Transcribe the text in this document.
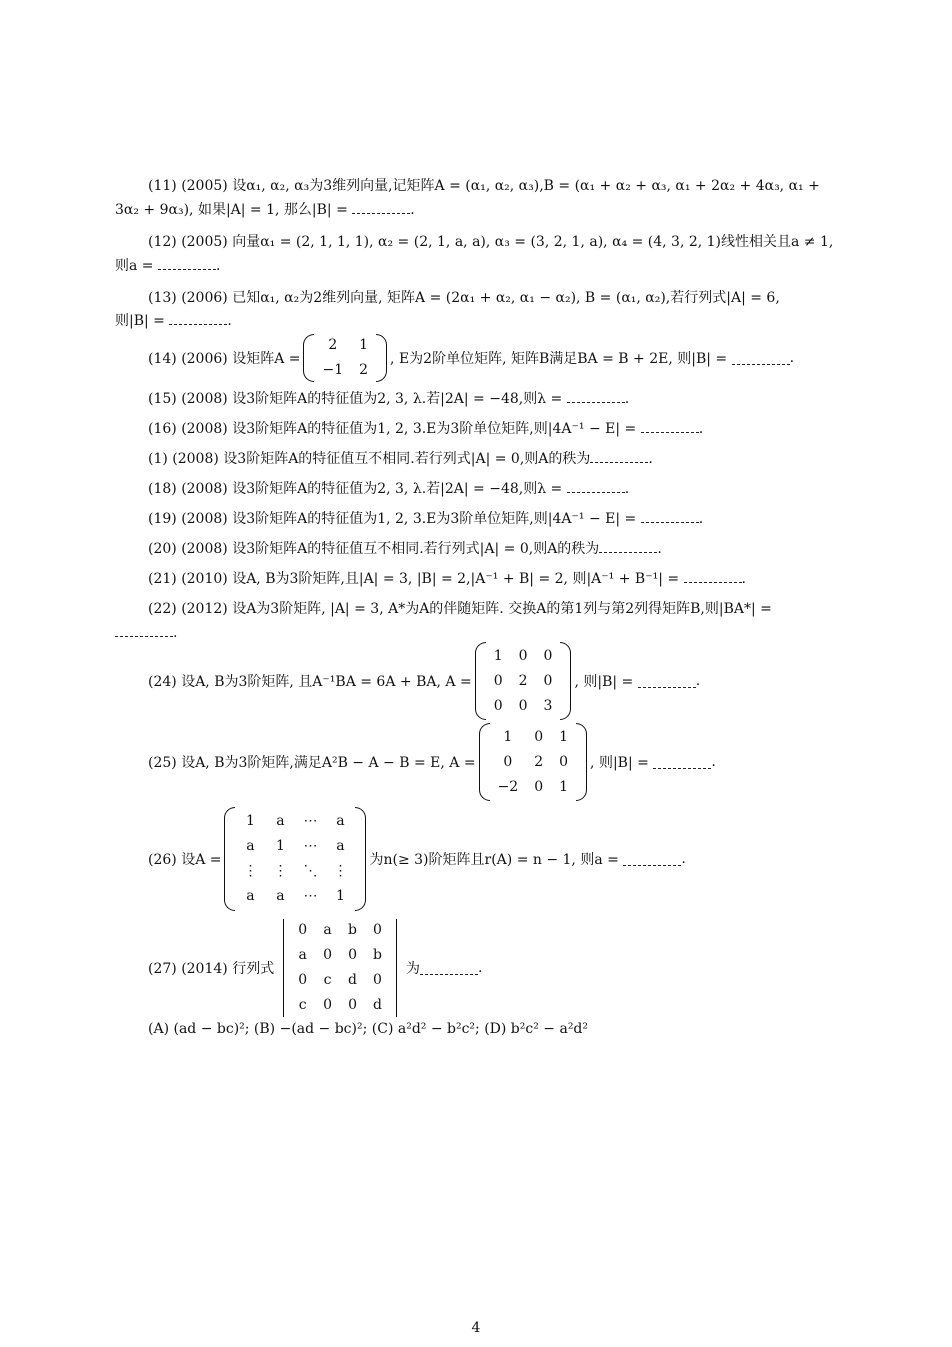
(11) (2005) 设α₁, α₂, α₃为3维列向量,记矩阵A = (α₁, α₂, α₃),B = (α₁ + α₂ + α₃, α₁ + 2α₂ + 4α₃, α₁ +
3α₂ + 9α₃), 如果|A| = 1, 那么|B| =	.
(12) (2005) 向量α₁ = (2, 1, 1, 1), α₂ = (2, 1, a, a), α₃ = (3, 2, 1, a), α₄ = (4, 3, 2, 1)线性相关且a ≠ 1,
则a =	.
(13) (2006) 已知α₁, α₂为2维列向量, 矩阵A = (2α₁ + α₂, α₁ − α₂), B = (α₁, α₂),若行列式|A| = 6,
则|B| =	.
(14) (2006) 设矩阵A =
2	1
−1	2
, E为2阶单位矩阵, 矩阵B满足BA = B + 2E, 则|B| =
	.
(15) (2008) 设3阶矩阵A的特征值为2, 3, λ.若|2A| = −48,则λ =	.
(16) (2008) 设3阶矩阵A的特征值为1, 2, 3.E为3阶单位矩阵,则|4A⁻¹ − E| =	.
(1) (2008) 设3阶矩阵A的特征值互不相同.若行列式|A| = 0,则A的秩为	.
(18) (2008) 设3阶矩阵A的特征值为2, 3, λ.若|2A| = −48,则λ =	.
(19) (2008) 设3阶矩阵A的特征值为1, 2, 3.E为3阶单位矩阵,则|4A⁻¹ − E| =	.
(20) (2008) 设3阶矩阵A的特征值互不相同.若行列式|A| = 0,则A的秩为	.
(21) (2010) 设A, B为3阶矩阵,且|A| = 3, |B| = 2,|A⁻¹ + B| = 2, 则|A⁻¹ + B⁻¹| =	.
(22) (2012) 设A为3阶矩阵, |A| = 3, A*为A的伴随矩阵. 交换A的第1列与第2列得矩阵B,则|BA*| =
.
(24) 设A, B为3阶矩阵, 且A⁻¹BA = 6A + BA, A =
1	0	0
0	2	0
0	0	3
, 则|B| =
	.
(25) 设A, B为3阶矩阵,满足A²B − A − B = E, A =
1	0	1
0	2	0
−2	0	1
, 则|B| =
	.
(26) 设A =
1	a	⋯	a
a	1	⋯	a
⋮	⋮	⋱	⋮
a	a	⋯	1
为n(≥ 3)阶矩阵且r(A) = n − 1, 则a =
	.
(27) (2014) 行列式
0	a	b	0
a	0	0	b
0	c	d	0
c	0	0	d
为	.
(A) (ad − bc)²; (B) −(ad − bc)²; (C) a²d² − b²c²; (D) b²c² − a²d²
4
